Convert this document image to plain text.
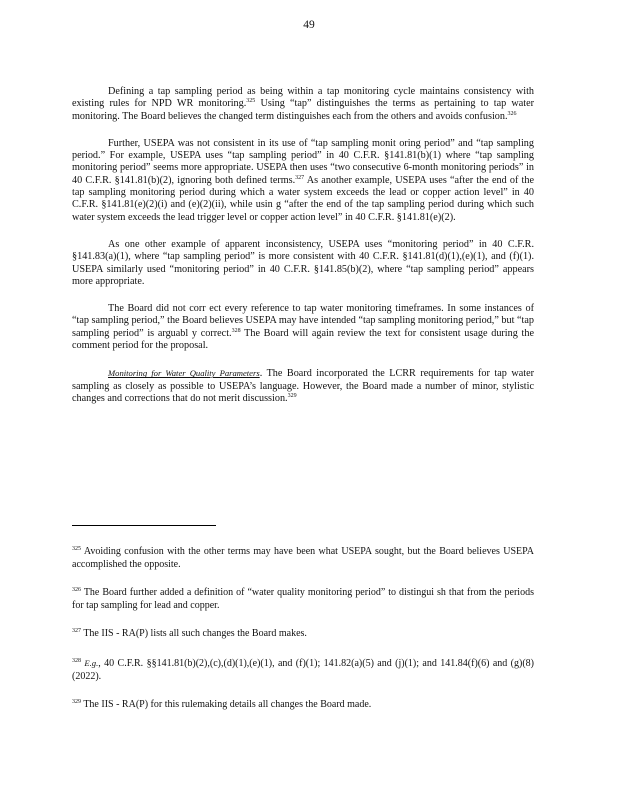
49

Defining a tap sampling period as being within a tap monitoring cycle maintains consistency with existing rules for NPD WR monitoring.$^{325}$ Using “tap” distinguishes the terms as pertaining to tap water monitoring. The Board believes the changed term distinguishes each from the others and avoids confusion.$^{326}$

Further, USEPA was not consistent in its use of “tap sampling monit oring period” and “tap sampling period.” For example, USEPA uses “tap sampling period” in 40 C.F.R. §141.81(b)(1) where “tap sampling monitoring period” seems more appropriate. USEPA then uses “two consecutive 6-month monitoring periods” in 40 C.F.R. §141.81(b)(2), ignoring both defined terms.$^{327}$ As another example, USEPA uses “after the end of the tap sampling monitoring period during which a water system exceeds the lead or copper action level” in 40 C.F.R. §141.81(e)(2)(i) and (e)(2)(ii), while usin g “after the end of the tap sampling period during which such water system exceeds the lead trigger level or copper action level” in 40 C.F.R. §141.81(e)(2).

As one other example of apparent inconsistency, USEPA uses “monitoring period” in 40 C.F.R. §141.83(a)(1), where “tap sampling period” is more consistent with 40 C.F.R. §141.81(d)(1),(e)(1), and (f)(1). USEPA similarly used “monitoring period” in 40 C.F.R. §141.85(b)(2), where “tap sampling period” appears more appropriate.

The Board did not corr ect every reference to tap water monitoring timeframes. In some instances of “tap sampling period,” the Board believes USEPA may have intended “tap sampling monitoring period,” but “tap sampling period” is arguabl y correct.$^{328}$ The Board will again review the text for consistent usage during the comment period for the proposal.

Monitoring for Water Quality Parameters. The Board incorporated the LCRR requirements for tap water sampling as closely as possible to USEPA’s language. However, the Board made a number of minor, stylistic changes and corrections that do not merit discussion.$^{329}$

$^{325}$ Avoiding confusion with the other terms may have been what USEPA sought, but the Board believes USEPA accomplished the opposite.

$^{326}$ The Board further added a definition of “water quality monitoring period” to distingui sh that from the periods for tap sampling for lead and copper.

$^{327}$ The IIS - RA(P) lists all such changes the Board makes.

$^{328}$ E.g., 40 C.F.R. §§141.81(b)(2),(c),(d)(1),(e)(1), and (f)(1); 141.82(a)(5) and (j)(1); and 141.84(f)(6) and (g)(8) (2022).

$^{329}$ The IIS - RA(P) for this rulemaking details all changes the Board made.
